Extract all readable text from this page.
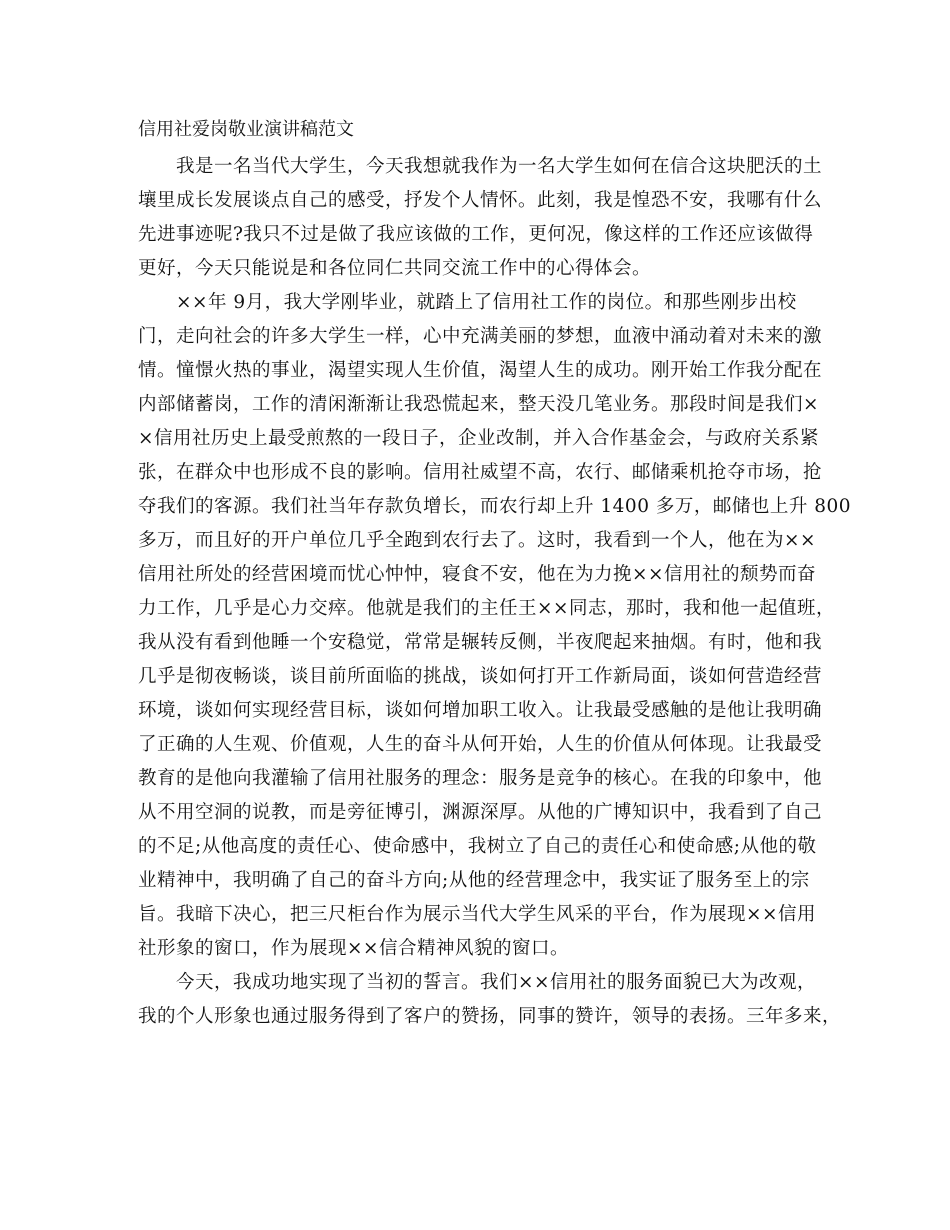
信用社爱岗敬业演讲稿范文
我是一名当代大学生，今天我想就我作为一名大学生如何在信合这块肥沃的土
壤里成长发展谈点自己的感受，抒发个人情怀。此刻，我是惶恐不安，我哪有什么
先进事迹呢?我只不过是做了我应该做的工作，更何况，像这样的工作还应该做得
更好，今天只能说是和各位同仁共同交流工作中的心得体会。
××年 9月，我大学刚毕业，就踏上了信用社工作的岗位。和那些刚步出校
门，走向社会的许多大学生一样，心中充满美丽的梦想，血液中涌动着对未来的激
情。憧憬火热的事业，渴望实现人生价值，渴望人生的成功。刚开始工作我分配在
内部储蓄岗，工作的清闲渐渐让我恐慌起来，整天没几笔业务。那段时间是我们×
×信用社历史上最受煎熬的一段日子，企业改制，并入合作基金会，与政府关系紧
张，在群众中也形成不良的影响。信用社威望不高，农行、邮储乘机抢夺市场，抢
夺我们的客源。我们社当年存款负增长，而农行却上升 1400 多万，邮储也上升 800
多万，而且好的开户单位几乎全跑到农行去了。这时，我看到一个人，他在为××
信用社所处的经营困境而忧心忡忡，寝食不安，他在为力挽××信用社的颓势而奋
力工作，几乎是心力交瘁。他就是我们的主任王××同志，那时，我和他一起值班，
我从没有看到他睡一个安稳觉，常常是辗转反侧，半夜爬起来抽烟。有时，他和我
几乎是彻夜畅谈，谈目前所面临的挑战，谈如何打开工作新局面，谈如何营造经营
环境，谈如何实现经营目标，谈如何增加职工收入。让我最受感触的是他让我明确
了正确的人生观、价值观，人生的奋斗从何开始，人生的价值从何体现。让我最受
教育的是他向我灌输了信用社服务的理念：服务是竞争的核心。在我的印象中，他
从不用空洞的说教，而是旁征博引，渊源深厚。从他的广博知识中，我看到了自己
的不足;从他高度的责任心、使命感中，我树立了自己的责任心和使命感;从他的敬
业精神中，我明确了自己的奋斗方向;从他的经营理念中，我实证了服务至上的宗
旨。我暗下决心，把三尺柜台作为展示当代大学生风采的平台，作为展现××信用
社形象的窗口，作为展现××信合精神风貌的窗口。
今天，我成功地实现了当初的誓言。我们××信用社的服务面貌已大为改观，
我的个人形象也通过服务得到了客户的赞扬，同事的赞许，领导的表扬。三年多来，
